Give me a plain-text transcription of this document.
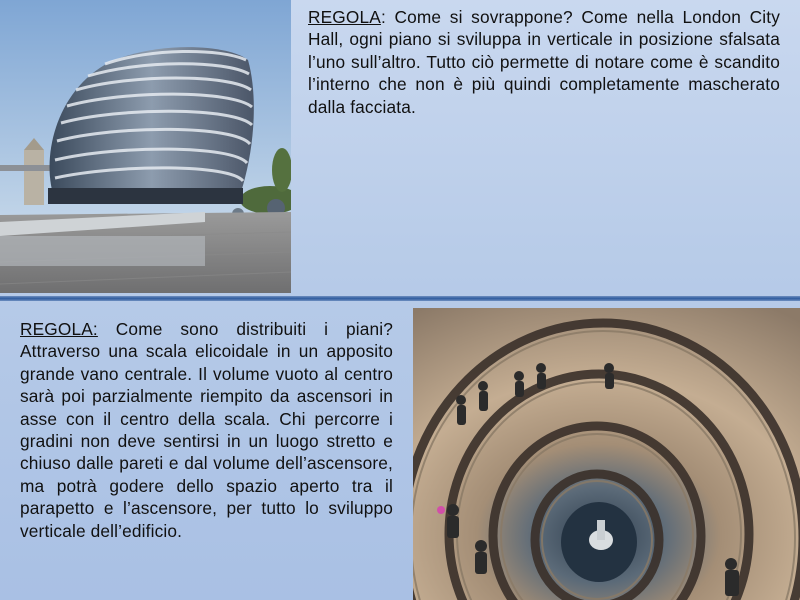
REGOLA: Come si sovrappone? Come nella London City Hall, ogni piano si sviluppa in verticale in posizione sfalsata l’uno sull’altro. Tutto ciò permette di notare come è scandito l’interno che non è più quindi completamente mascherato dalla facciata.
REGOLA: Come sono distribuiti i piani? Attraverso una scala elicoidale in un apposito grande vano centrale. Il volume vuoto al centro sarà poi parzialmente riempito da ascensori in asse con il centro della scala. Chi percorre i gradini non deve sentirsi in un luogo stretto e chiuso dalle pareti e dal volume dell’ascensore, ma potrà godere dello spazio aperto tra il parapetto e l’ascensore, per tutto lo sviluppo verticale dell’edificio.
